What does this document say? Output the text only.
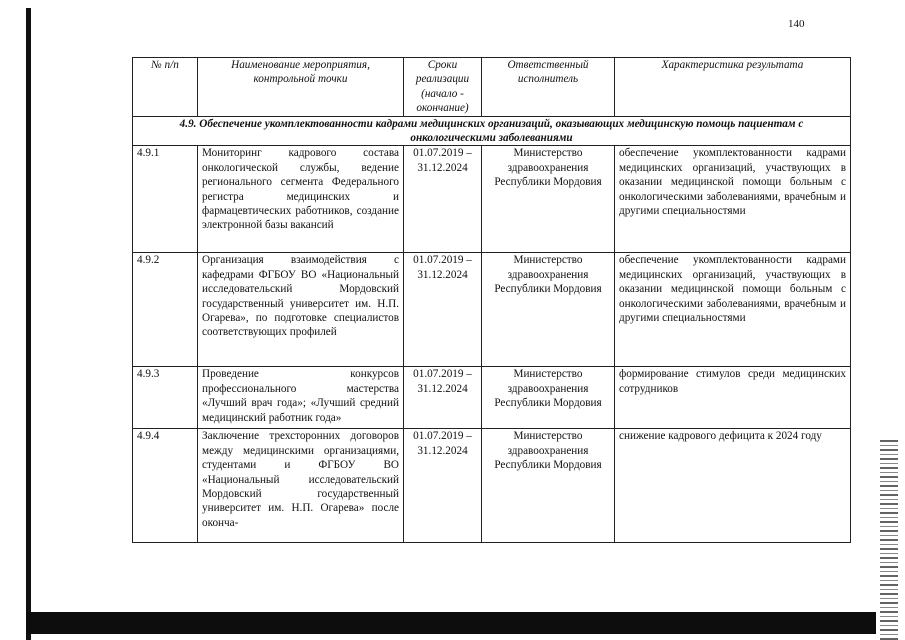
140
№ п/п	Наименование мероприятия, контрольной точки	Сроки реализации (начало - окончание)	Ответственный исполнитель	Характеристика результата
4.9. Обеспечение укомплектованности кадрами медицинских организаций, оказывающих медицинскую помощь пациентам с онкологическими заболеваниями				
4.9.1	Мониторинг кадрового состава онкологической службы, ведение регионального сегмента Федерального регистра медицинских и фармацевтических работников, создание электронной базы вакансий	01.07.2019 – 31.12.2024	Министерство здравоохранения Республики Мордовия	обеспечение укомплектованности кадрами медицинских организаций, участвующих в оказании медицинской помощи больным с онкологическими заболеваниями, врачебным и другими специальностями
4.9.2	Организация взаимодействия с кафедрами ФГБОУ ВО «Национальный исследовательский Мордовский государственный университет им. Н.П. Огарева», по подготовке специалистов соответствующих профилей	01.07.2019 – 31.12.2024	Министерство здравоохранения Республики Мордовия	обеспечение укомплектованности кадрами медицинских организаций, участвующих в оказании медицинской помощи больным с онкологическими заболеваниями, врачебным и другими специальностями
4.9.3	Проведение конкурсов профессионального мастерства «Лучший врач года»; «Лучший средний медицинский работник года»	01.07.2019 – 31.12.2024	Министерство здравоохранения Республики Мордовия	формирование стимулов среди медицинских сотрудников
4.9.4	Заключение трехсторонних договоров между медицинскими организациями, студентами и ФГБОУ ВО «Национальный исследовательский Мордовский государственный университет им. Н.П. Огарева» после оконча-	01.07.2019 – 31.12.2024	Министерство здравоохранения Республики Мордовия	снижение кадрового дефицита к 2024 году
